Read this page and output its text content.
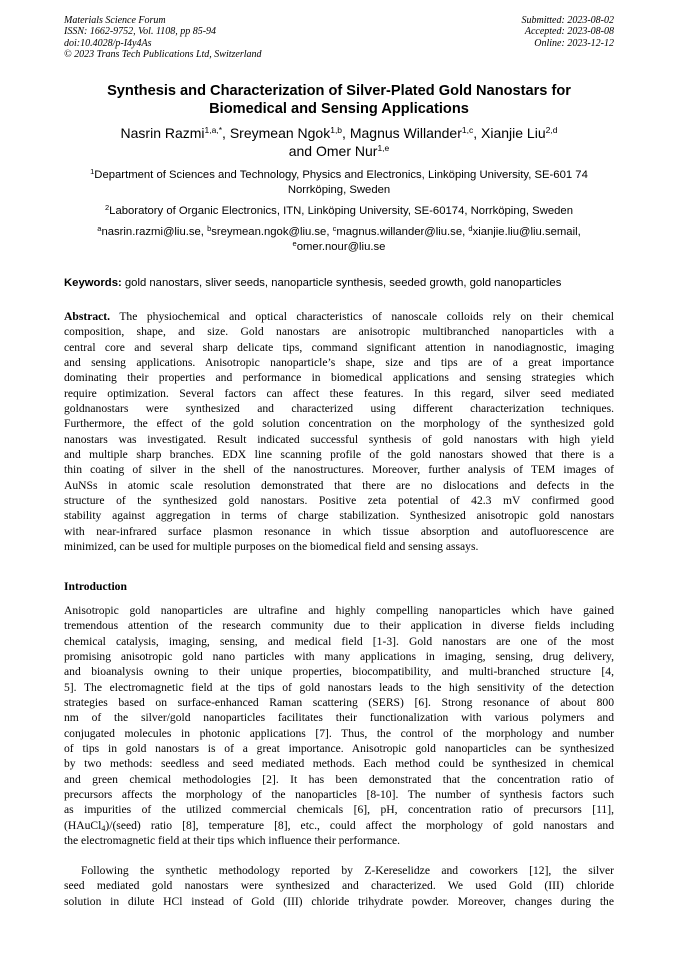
Materials Science Forum
ISSN: 1662-9752, Vol. 1108, pp 85-94
doi:10.4028/p-I4y4As
© 2023 Trans Tech Publications Ltd, Switzerland
Submitted: 2023-08-02
Accepted: 2023-08-08
Online: 2023-12-12
Synthesis and Characterization of Silver-Plated Gold Nanostars for
Biomedical and Sensing Applications
Nasrin Razmi$^{1,a,*}$, Sreymean Ngok$^{1,b}$, Magnus Willander$^{1,c}$, Xianjie Liu$^{2,d}$
and Omer Nur$^{1,e}$
$^1$Department of Sciences and Technology, Physics and Electronics, Linköping University, SE-601 74
Norrköping, Sweden
$^2$Laboratory of Organic Electronics, ITN, Linköping University, SE-60174, Norrköping, Sweden
$^a$nasrin.razmi@liu.se, $^b$sreymean.ngok@liu.se, $^c$magnus.willander@liu.se, $^d$xianjie.liu@liu.semail,
$^e$omer.nour@liu.se
Keywords: gold nanostars, sliver seeds, nanoparticle synthesis, seeded growth, gold nanoparticles
Abstract. The physiochemical and optical characteristics of nanoscale colloids rely on their chemical
composition, shape, and size. Gold nanostars are anisotropic multibranched nanoparticles with a
central core and several sharp delicate tips, command significant attention in nanodiagnostic, imaging
and sensing applications. Anisotropic nanoparticle’s shape, size and tips are of a great importance
dominating their properties and performance in biomedical applications and sensing strategies which
require optimization. Several factors can affect these features. In this regard, silver seed mediated
goldnanostars were synthesized and characterized using different characterization techniques.
Furthermore, the effect of the gold solution concentration on the morphology of the synthesized gold
nanostars was investigated. Result indicated successful synthesis of gold nanostars with high yield
and multiple sharp branches. EDX line scanning profile of the gold nanostars showed that there is a
thin coating of silver in the shell of the nanostructures. Moreover, further analysis of TEM images of
AuNSs in atomic scale resolution demonstrated that there are no dislocations and defects in the
structure of the synthesized gold nanostars. Positive zeta potential of 42.3 mV confirmed good
stability against aggregation in terms of charge stabilization. Synthesized anisotropic gold nanostars
with near-infrared surface plasmon resonance in which tissue absorption and autofluorescence are
minimized, can be used for multiple purposes on the biomedical field and sensing assays.
Introduction
Anisotropic gold nanoparticles are ultrafine and highly compelling nanoparticles which have gained
tremendous attention of the research community due to their application in diverse fields including
chemical catalysis, imaging, sensing, and medical field [1-3]. Gold nanostars are one of the most
promising anisotropic gold nano particles with many applications in imaging, sensing, drug delivery,
and bioanalysis owning to their unique properties, biocompatibility, and multi-branched structure [4,
5]. The electromagnetic field at the tips of gold nanostars leads to the high sensitivity of the detection
strategies based on surface-enhanced Raman scattering (SERS) [6]. Strong resonance of about 800
nm of the silver/gold nanoparticles facilitates their functionalization with various polymers and
conjugated molecules in photonic applications [7]. Thus, the control of the morphology and number
of tips in gold nanostars is of a great importance. Anisotropic gold nanoparticles can be synthesized
by two methods: seedless and seed mediated methods. Each method could be synthesized in chemical
and green chemical methodologies [2]. It has been demonstrated that the concentration ratio of
precursors affects the morphology of the nanoparticles [8-10]. The number of synthesis factors such
as impurities of the utilized commercial chemicals [6], pH, concentration ratio of precursors [11],
(HAuCl$_4$)/(seed) ratio [8], temperature [8], etc., could affect the morphology of gold nanostars and
the electromagnetic field at their tips which influence their performance.
Following the synthetic methodology reported by Z-Kereselidze and coworkers [12], the silver
seed mediated gold nanostars were synthesized and characterized. We used Gold (III) chloride
solution in dilute HCl instead of Gold (III) chloride trihydrate powder. Moreover, changes during the
